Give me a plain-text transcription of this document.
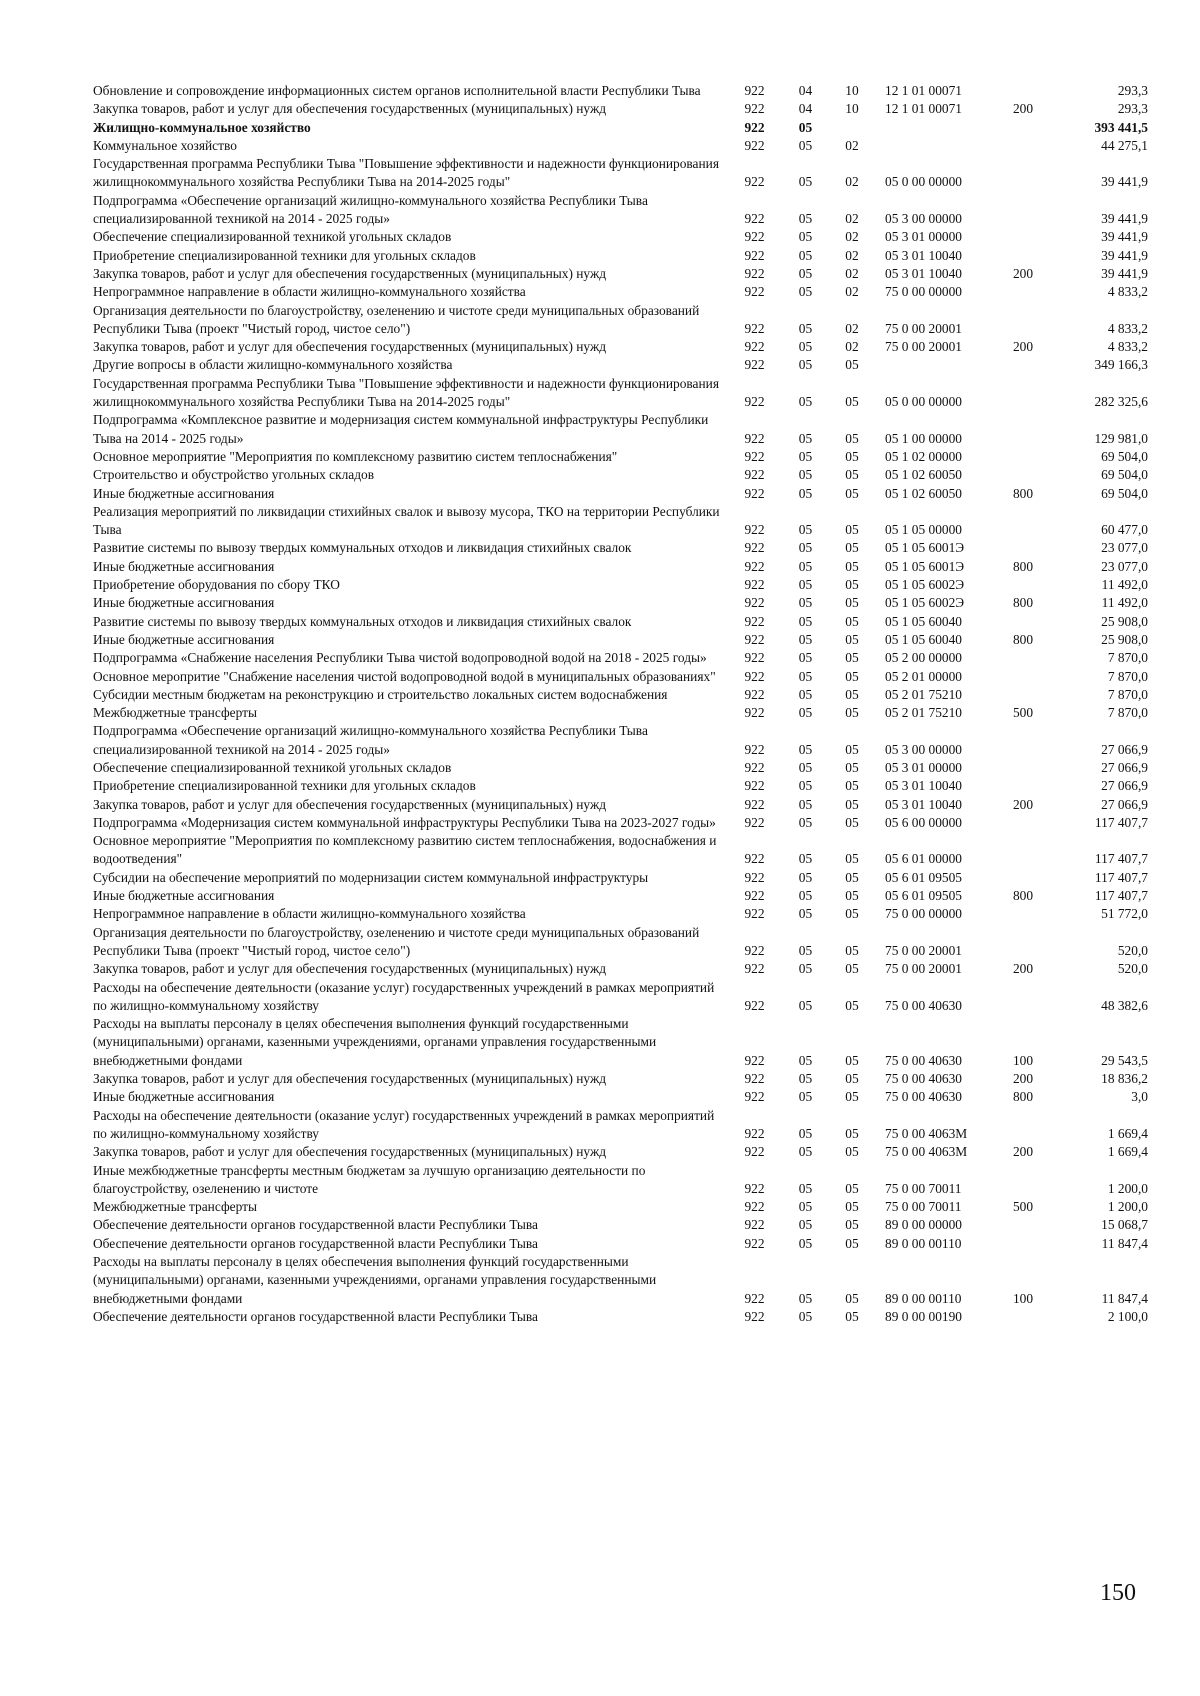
Обновление и сопровождение информационных систем органов исполнительной власти Республики Тыва	922	04	10	12 1 01 00071	293,3
Закупка товаров, работ и услуг для обеспечения государственных (муниципальных) нужд	922	04	10	12 1 01 00071	200	293,3
Жилищно-коммунальное хозяйство	922	05	393 441,5
Коммунальное хозяйство	922	05	02	44 275,1
Государственная программа Республики Тыва "Повышение эффективности и надежности функционирования жилищнокоммунального хозяйства Республики Тыва на 2014-2025 годы"	922	05	02	05 0 00 00000	39 441,9
Подпрограмма «Обеспечение организаций жилищно-коммунального хозяйства Республики Тыва специализированной техникой на 2014 - 2025 годы»	922	05	02	05 3 00 00000	39 441,9
Обеспечение специализированной техникой угольных складов	922	05	02	05 3 01 00000	39 441,9
Приобретение специализированной техники для угольных складов	922	05	02	05 3 01 10040	39 441,9
Закупка товаров, работ и услуг для обеспечения государственных (муниципальных) нужд	922	05	02	05 3 01 10040	200	39 441,9
Непрограммное направление в области жилищно-коммунального хозяйства	922	05	02	75 0 00 00000	4 833,2
Организация деятельности по благоустройству, озеленению и чистоте среди муниципальных образований Республики Тыва (проект "Чистый город, чистое село")	922	05	02	75 0 00 20001	4 833,2
Закупка товаров, работ и услуг для обеспечения государственных (муниципальных) нужд	922	05	02	75 0 00 20001	200	4 833,2
Другие вопросы в области жилищно-коммунального хозяйства	922	05	05	349 166,3
Государственная программа Республики Тыва "Повышение эффективности и надежности функционирования жилищнокоммунального хозяйства Республики Тыва на 2014-2025 годы"	922	05	05	05 0 00 00000	282 325,6
Подпрограмма «Комплексное развитие и модернизация систем коммунальной инфраструктуры Республики Тыва на 2014 - 2025 годы»	922	05	05	05 1 00 00000	129 981,0
Основное мероприятие "Мероприятия по комплексному развитию систем теплоснабжения"	922	05	05	05 1 02 00000	69 504,0
Строительство и обустройство угольных складов	922	05	05	05 1 02 60050	69 504,0
Иные бюджетные ассигнования	922	05	05	05 1 02 60050	800	69 504,0
Реализация мероприятий по ликвидации стихийных свалок и вывозу мусора, ТКО на территории Республики Тыва	922	05	05	05 1 05 00000	60 477,0
Развитие системы по вывозу твердых коммунальных отходов и ликвидация стихийных свалок	922	05	05	05 1 05 6001Э	23 077,0
Иные бюджетные ассигнования	922	05	05	05 1 05 6001Э	800	23 077,0
Приобретение оборудования по сбору ТКО	922	05	05	05 1 05 6002Э	11 492,0
Иные бюджетные ассигнования	922	05	05	05 1 05 6002Э	800	11 492,0
Развитие системы по вывозу твердых коммунальных отходов и ликвидация стихийных свалок	922	05	05	05 1 05 60040	25 908,0
Иные бюджетные ассигнования	922	05	05	05 1 05 60040	800	25 908,0
Подпрограмма «Снабжение населения Республики Тыва чистой водопроводной водой на 2018 - 2025 годы»	922	05	05	05 2 00 00000	7 870,0
Основное меропритие "Снабжение населения чистой водопроводной водой в муниципальных образованиях"	922	05	05	05 2 01 00000	7 870,0
Субсидии местным бюджетам на реконструкцию и строительство локальных систем водоснабжения	922	05	05	05 2 01 75210	7 870,0
Межбюджетные трансферты	922	05	05	05 2 01 75210	500	7 870,0
Подпрограмма «Обеспечение организаций жилищно-коммунального хозяйства Республики Тыва специализированной техникой на 2014 - 2025 годы»	922	05	05	05 3 00 00000	27 066,9
Обеспечение специализированной техникой угольных складов	922	05	05	05 3 01 00000	27 066,9
Приобретение специализированной техники для угольных складов	922	05	05	05 3 01 10040	27 066,9
Закупка товаров, работ и услуг для обеспечения государственных (муниципальных) нужд	922	05	05	05 3 01 10040	200	27 066,9
Подпрограмма «Модернизация систем коммунальной инфраструктуры Республики Тыва на 2023-2027 годы»	922	05	05	05 6 00 00000	117 407,7
Основное мероприятие "Мероприятия по комплексному развитию систем теплоснабжения, водоснабжения и водоотведения"	922	05	05	05 6 01 00000	117 407,7
Субсидии на обеспечение мероприятий по модернизации систем коммунальной инфраструктуры	922	05	05	05 6 01 09505	117 407,7
Иные бюджетные ассигнования	922	05	05	05 6 01 09505	800	117 407,7
Непрограммное направление в области жилищно-коммунального хозяйства	922	05	05	75 0 00 00000	51 772,0
Организация деятельности по благоустройству, озеленению и чистоте среди муниципальных образований Республики Тыва (проект "Чистый город, чистое село")	922	05	05	75 0 00 20001	520,0
Закупка товаров, работ и услуг для обеспечения государственных (муниципальных) нужд	922	05	05	75 0 00 20001	200	520,0
Расходы на обеспечение деятельности (оказание услуг) государственных учреждений в рамках мероприятий по жилищно-коммунальному хозяйству	922	05	05	75 0 00 40630	48 382,6
Расходы на выплаты персоналу в целях обеспечения выполнения функций государственными (муниципальными) органами, казенными учреждениями, органами управления государственными внебюджетными фондами	922	05	05	75 0 00 40630	100	29 543,5
Закупка товаров, работ и услуг для обеспечения государственных (муниципальных) нужд	922	05	05	75 0 00 40630	200	18 836,2
Иные бюджетные ассигнования	922	05	05	75 0 00 40630	800	3,0
Расходы на обеспечение деятельности (оказание услуг) государственных учреждений в рамках мероприятий по жилищно-коммунальному хозяйству	922	05	05	75 0 00 4063М	1 669,4
Закупка товаров, работ и услуг для обеспечения государственных (муниципальных) нужд	922	05	05	75 0 00 4063М	200	1 669,4
Иные межбюджетные трансферты местным бюджетам за лучшую организацию деятельности по благоустройству, озеленению и чистоте	922	05	05	75 0 00 70011	1 200,0
Межбюджетные трансферты	922	05	05	75 0 00 70011	500	1 200,0
Обеспечение деятельности органов государственной власти Республики Тыва	922	05	05	89 0 00 00000	15 068,7
Обеспечение деятельности органов государственной власти Республики Тыва	922	05	05	89 0 00 00110	11 847,4
Расходы на выплаты персоналу в целях обеспечения выполнения функций государственными (муниципальными) органами, казенными учреждениями, органами управления государственными внебюджетными фондами	922	05	05	89 0 00 00110	100	11 847,4
Обеспечение деятельности органов государственной власти Республики Тыва	922	05	05	89 0 00 00190	2 100,0
150
